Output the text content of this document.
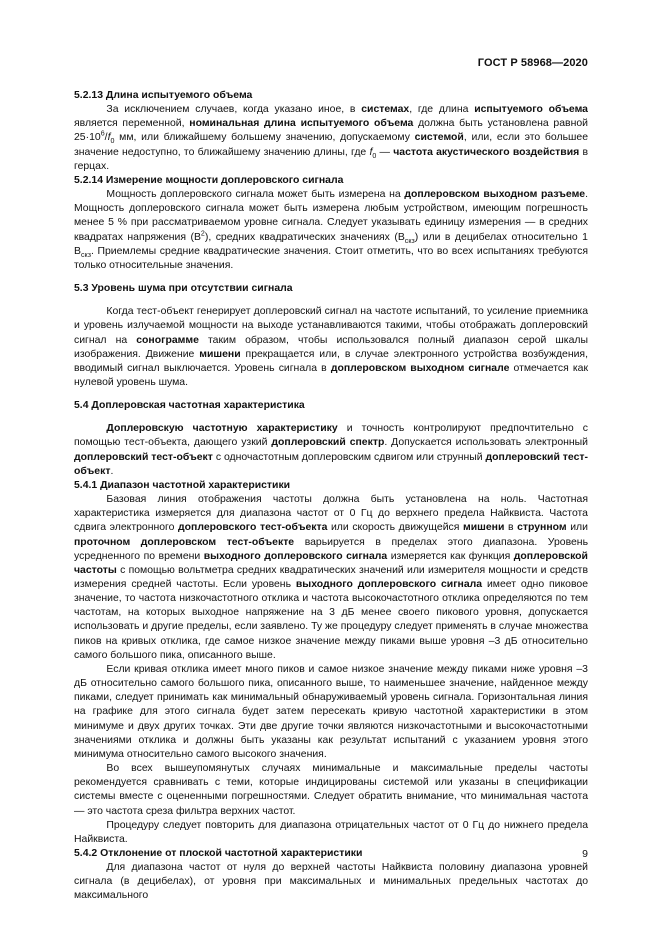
ГОСТ Р 58968—2020

5.2.13 Длина испытуемого объема

За исключением случаев, когда указано иное, в системах, где длина испытуемого объема является переменной, номинальная длина испытуемого объема должна быть установлена равной $25\cdot 10^6/f_0$ мм, или ближайшему большему значению, допускаемому системой, или, если это большее значение недоступно, то ближайшему значению длины, где $f_0$ — частота акустического воздействия в герцах.

5.2.14 Измерение мощности доплеровского сигнала

Мощность доплеровского сигнала может быть измерена на доплеровском выходном разъеме. Мощность доплеровского сигнала может быть измерена любым устройством, имеющим погрешность менее 5 % при рассматриваемом уровне сигнала. Следует указывать единицу измерения — в средних квадратах напряжения $(В^2)$, средних квадратических значениях $(В_{скз})$ или в децибелах относительно 1 $В_{скз}$. Приемлемы средние квадратические значения. Стоит отметить, что во всех испытаниях требуются только относительные значения.

5.3 Уровень шума при отсутствии сигнала

Когда тест-объект генерирует доплеровский сигнал на частоте испытаний, то усиление приемника и уровень излучаемой мощности на выходе устанавливаются такими, чтобы отображать доплеровский сигнал на сонограмме таким образом, чтобы использовался полный диапазон серой шкалы изображения. Движение мишени прекращается или, в случае электронного устройства возбуждения, вводимый сигнал выключается. Уровень сигнала в доплеровском выходном сигнале отмечается как нулевой уровень шума.

5.4 Доплеровская частотная характеристика

Доплеровскую частотную характеристику и точность контролируют предпочтительно с помощью тест-объекта, дающего узкий доплеровский спектр. Допускается использовать электронный доплеровский тест-объект с одночастотным доплеровским сдвигом или струнный доплеровский тест-объект.

5.4.1 Диапазон частотной характеристики

Базовая линия отображения частоты должна быть установлена на ноль. Частотная характеристика измеряется для диапазона частот от 0 Гц до верхнего предела Найквиста. Частота сдвига электронного доплеровского тест-объекта или скорость движущейся мишени в струнном или проточном доплеровском тест-объекте варьируется в пределах этого диапазона. Уровень усредненного по времени выходного доплеровского сигнала измеряется как функция доплеровской частоты с помощью вольтметра средних квадратических значений или измерителя мощности и средств измерения средней частоты. Если уровень выходного доплеровского сигнала имеет одно пиковое значение, то частота низкочастотного отклика и частота высокочастотного отклика определяются по тем частотам, на которых выходное напряжение на 3 дБ менее своего пикового уровня, допускается использовать и другие пределы, если заявлено. Ту же процедуру следует применять в случае множества пиков на кривых отклика, где самое низкое значение между пиками выше уровня –3 дБ относительно самого большого пика, описанного выше.

Если кривая отклика имеет много пиков и самое низкое значение между пиками ниже уровня –3 дБ относительно самого большого пика, описанного выше, то наименьшее значение, найденное между пиками, следует принимать как минимальный обнаруживаемый уровень сигнала. Горизонтальная линия на графике для этого сигнала будет затем пересекать кривую частотной характеристики в этом минимуме и двух других точках. Эти две другие точки являются низкочастотными и высокочастотными значениями отклика и должны быть указаны как результат испытаний с указанием уровня этого минимума относительно самого высокого значения.

Во всех вышеупомянутых случаях минимальные и максимальные пределы частоты рекомендуется сравнивать с теми, которые индицированы системой или указаны в спецификации системы вместе с оцененными погрешностями. Следует обратить внимание, что минимальная частота — это частота среза фильтра верхних частот.

Процедуру следует повторить для диапазона отрицательных частот от 0 Гц до нижнего предела Найквиста.

5.4.2 Отклонение от плоской частотной характеристики

Для диапазона частот от нуля до верхней частоты Найквиста половину диапазона уровней сигнала (в децибелах), от уровня при максимальных и минимальных предельных частотах до максимального

9
